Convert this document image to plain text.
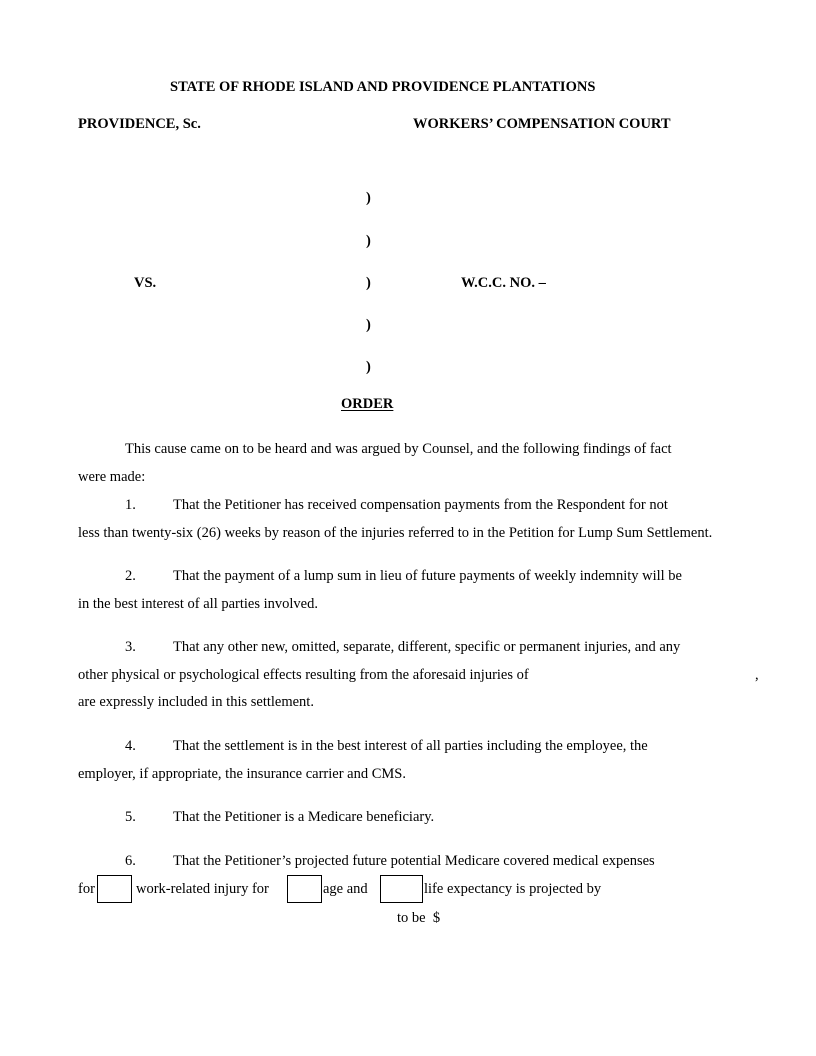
STATE OF RHODE ISLAND AND PROVIDENCE PLANTATIONS
PROVIDENCE, Sc.	WORKERS’ COMPENSATION COURT
)
)
VS.	)	W.C.C. NO. –
)
)
ORDER
This cause came on to be heard and was argued by Counsel, and the following findings of fact
were made:
1.	That the Petitioner has received compensation payments from the Respondent for not
less than twenty-six (26) weeks by reason of the injuries referred to in the Petition for Lump Sum Settlement.
2.	That the payment of a lump sum in lieu of future payments of weekly indemnity will be
in the best interest of all parties involved.
3.	That any other new, omitted, separate, different, specific or permanent injuries, and any
other physical or psychological effects resulting from the aforesaid injuries of	,
are expressly included in this settlement.
4.	That the settlement is in the best interest of all parties including the employee, the
employer, if appropriate, the insurance carrier and CMS.
5.	That the Petitioner is a Medicare beneficiary.
6.	That the Petitioner’s projected future potential Medicare covered medical expenses
for	work-related injury for	age and	life expectancy is projected by
to be  $
